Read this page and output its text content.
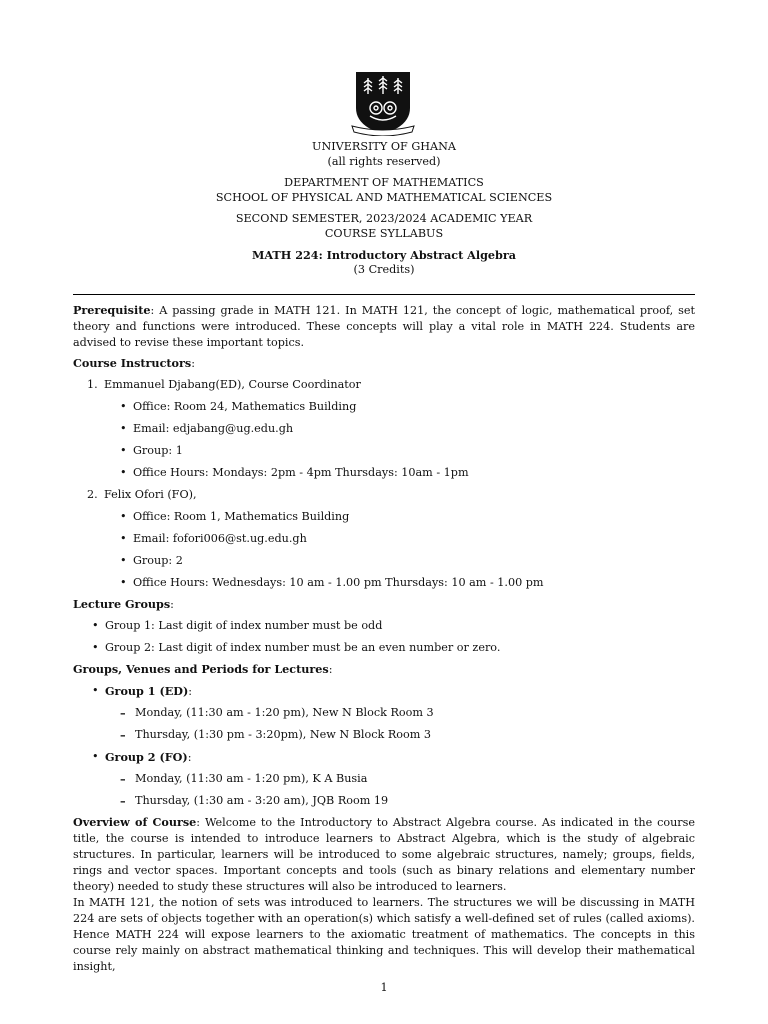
UNIVERSITY OF GHANA
(all rights reserved)
DEPARTMENT OF MATHEMATICS
SCHOOL OF PHYSICAL AND MATHEMATICAL SCIENCES
SECOND SEMESTER, 2023/2024 ACADEMIC YEAR
COURSE SYLLABUS
MATH 224: Introductory Abstract Algebra
(3 Credits)
Prerequisite: A passing grade in MATH 121. In MATH 121, the concept of logic, mathematical proof, set theory and functions were introduced. These concepts will play a vital role in MATH 224. Students are advised to revise these important topics.
Course Instructors:
1. Emmanuel Djabang(ED), Course Coordinator
• Office: Room 24, Mathematics Building
• Email: edjabang@ug.edu.gh
• Group: 1
• Office Hours: Mondays: 2pm - 4pm Thursdays: 10am - 1pm
2. Felix Ofori (FO),
• Office: Room 1, Mathematics Building
• Email: fofori006@st.ug.edu.gh
• Group: 2
• Office Hours: Wednesdays: 10 am - 1.00 pm Thursdays: 10 am - 1.00 pm
Lecture Groups:
• Group 1: Last digit of index number must be odd
• Group 2: Last digit of index number must be an even number or zero.
Groups, Venues and Periods for Lectures:
• Group 1 (ED):
– Monday, (11:30 am - 1:20 pm), New N Block Room 3
– Thursday, (1:30 pm - 3:20pm), New N Block Room 3
• Group 2 (FO):
– Monday, (11:30 am - 1:20 pm), K A Busia
– Thursday, (1:30 am - 3:20 am), JQB Room 19
Overview of Course: Welcome to the Introductory to Abstract Algebra course. As indicated in the course title, the course is intended to introduce learners to Abstract Algebra, which is the study of algebraic structures. In particular, learners will be introduced to some algebraic structures, namely; groups, fields, rings and vector spaces. Important concepts and tools (such as binary relations and elementary number theory) needed to study these structures will also be introduced to learners.
In MATH 121, the notion of sets was introduced to learners. The structures we will be discussing in MATH 224 are sets of objects together with an operation(s) which satisfy a well-defined set of rules (called axioms). Hence MATH 224 will expose learners to the axiomatic treatment of mathematics. The concepts in this course rely mainly on abstract mathematical thinking and techniques. This will develop their mathematical insight,
1
